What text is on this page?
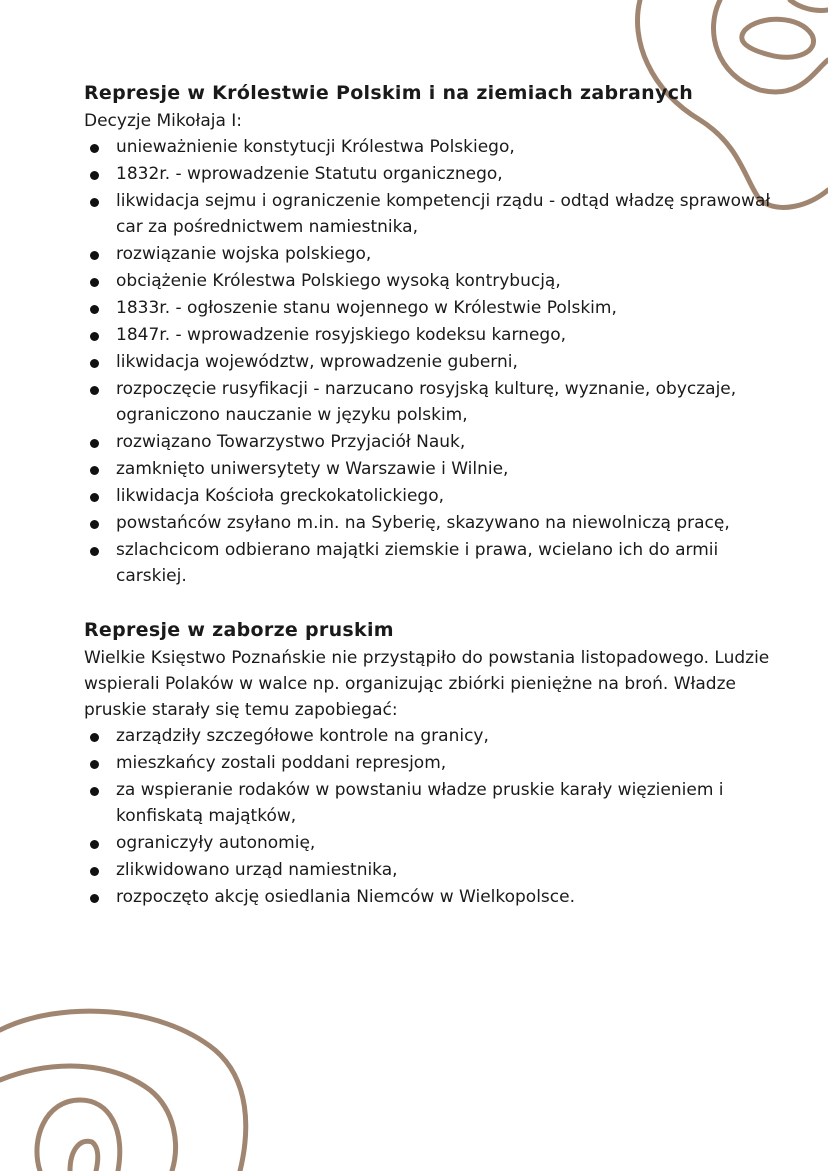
Represje w Królestwie Polskim i na ziemiach zabranych

Decyzje Mikołaja I:

unieważnienie konstytucji Królestwa Polskiego,
1832r. - wprowadzenie Statutu organicznego,
likwidacja sejmu i ograniczenie kompetencji rządu - odtąd władzę sprawował car za pośrednictwem namiestnika,
rozwiązanie wojska polskiego,
obciążenie Królestwa Polskiego wysoką kontrybucją,
1833r. - ogłoszenie stanu wojennego w Królestwie Polskim,
1847r. - wprowadzenie rosyjskiego kodeksu karnego,
likwidacja województw, wprowadzenie guberni,
rozpoczęcie rusyfikacji - narzucano rosyjską kulturę, wyznanie, obyczaje, ograniczono nauczanie w języku polskim,
rozwiązano Towarzystwo Przyjaciół Nauk,
zamknięto uniwersytety w Warszawie i Wilnie,
likwidacja Kościoła greckokatolickiego,
powstańców zsyłano m.in. na Syberię, skazywano na niewolniczą pracę,
szlachcicom odbierano majątki ziemskie i prawa, wcielano ich do armii carskiej.
Represje w zaborze pruskim

Wielkie Księstwo Poznańskie nie przystąpiło do powstania listopadowego. Ludzie wspierali Polaków w walce np. organizując zbiórki pieniężne na broń. Władze pruskie starały się temu zapobiegać:

zarządziły szczegółowe kontrole na granicy,
mieszkańcy zostali poddani represjom,
za wspieranie rodaków w powstaniu władze pruskie karały więzieniem i konfiskatą majątków,
ograniczyły autonomię,
zlikwidowano urząd namiestnika,
rozpoczęto akcję osiedlania Niemców w Wielkopolsce.
